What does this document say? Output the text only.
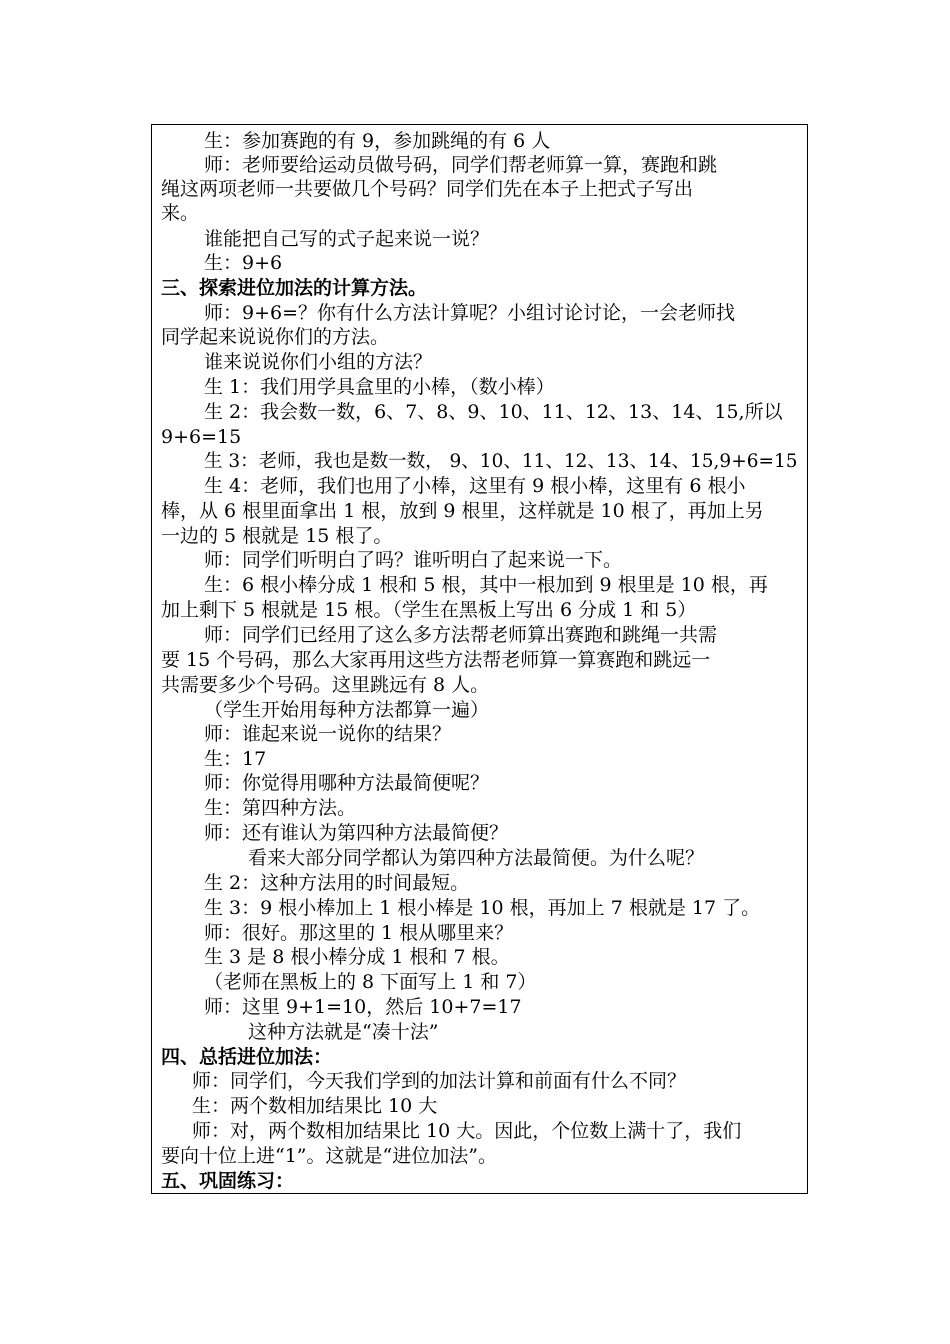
生：参加赛跑的有 9，参加跳绳的有 6 人
师：老师要给运动员做号码，同学们帮老师算一算，赛跑和跳
绳这两项老师一共要做几个号码？同学们先在本子上把式子写出
来。
谁能把自己写的式子起来说一说？
生：9+6
三、探索进位加法的计算方法。
师：9+6=？你有什么方法计算呢？小组讨论讨论，一会老师找
同学起来说说你们的方法。
谁来说说你们小组的方法？
生 1：我们用学具盒里的小棒，（数小棒）
生 2：我会数一数，6、7、8、9、10、11、12、13、14、15,所以
9+6=15
生 3：老师，我也是数一数， 9、10、11、12、13、14、15,9+6=15
生 4：老师，我们也用了小棒，这里有 9 根小棒，这里有 6 根小
棒，从 6 根里面拿出 1 根，放到 9 根里，这样就是 10 根了，再加上另
一边的 5 根就是 15 根了。
师：同学们听明白了吗？谁听明白了起来说一下。
生：6 根小棒分成 1 根和 5 根，其中一根加到 9 根里是 10 根，再
加上剩下 5 根就是 15 根。（学生在黑板上写出 6 分成 1 和 5）
师：同学们已经用了这么多方法帮老师算出赛跑和跳绳一共需
要 15 个号码，那么大家再用这些方法帮老师算一算赛跑和跳远一
共需要多少个号码。这里跳远有 8 人。
（学生开始用每种方法都算一遍）
师：谁起来说一说你的结果？
生：17
师：你觉得用哪种方法最简便呢？
生：第四种方法。
师：还有谁认为第四种方法最简便？
看来大部分同学都认为第四种方法最简便。为什么呢？
生 2：这种方法用的时间最短。
生 3：9 根小棒加上 1 根小棒是 10 根，再加上 7 根就是 17 了。
师：很好。那这里的 1 根从哪里来？
生 3 是 8 根小棒分成 1 根和 7 根。
（老师在黑板上的 8 下面写上 1 和 7）
师：这里 9+1=10，然后 10+7=17
这种方法就是“凑十法”
四、总括进位加法：
师：同学们，今天我们学到的加法计算和前面有什么不同？
生：两个数相加结果比 10 大
师：对，两个数相加结果比 10 大。因此，个位数上满十了，我们
要向十位上进“1”。这就是“进位加法”。
五、巩固练习：
